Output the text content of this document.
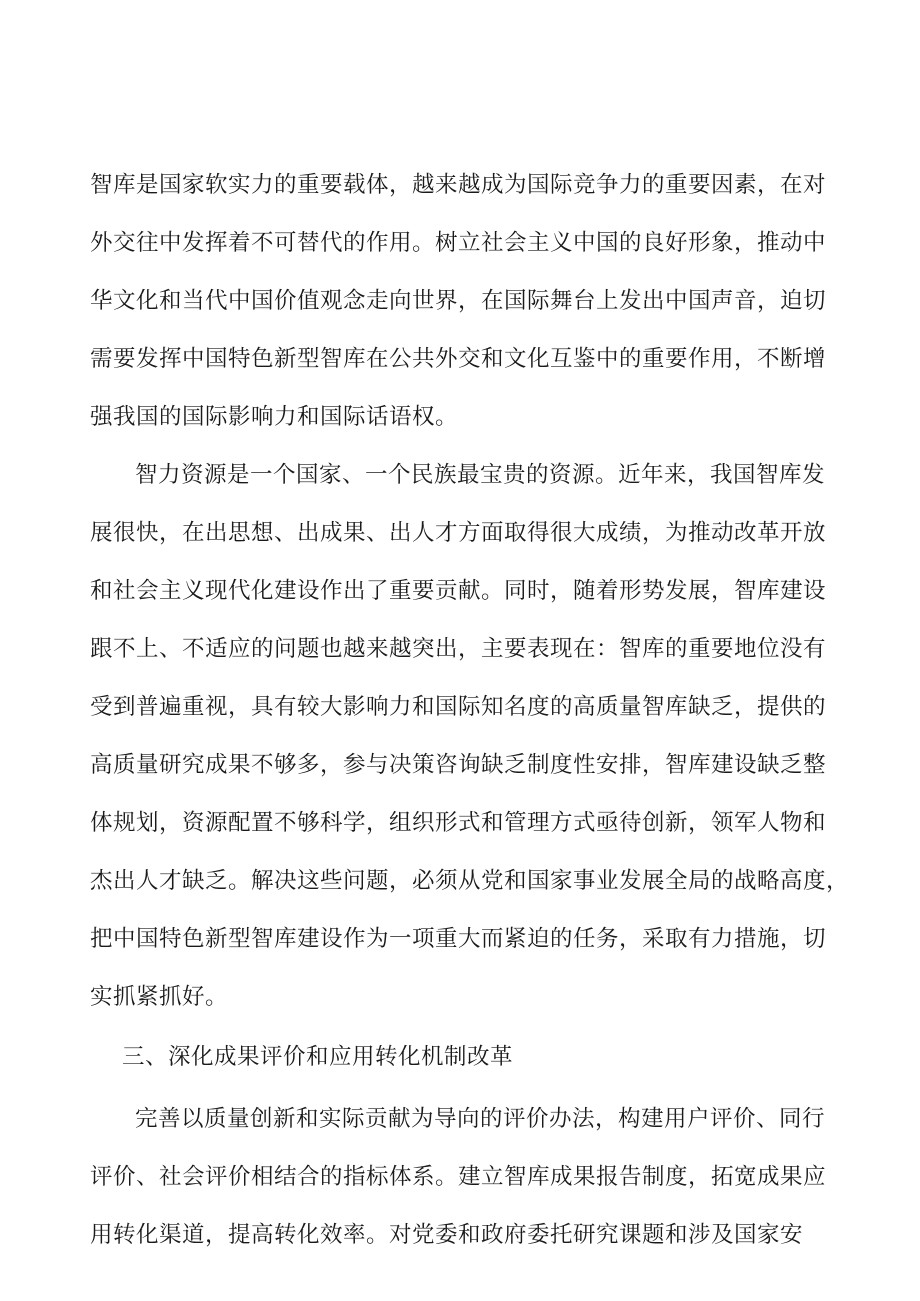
智库是国家软实力的重要载体，越来越成为国际竞争力的重要因素，在对
外交往中发挥着不可替代的作用。树立社会主义中国的良好形象，推动中
华文化和当代中国价值观念走向世界，在国际舞台上发出中国声音，迫切
需要发挥中国特色新型智库在公共外交和文化互鉴中的重要作用，不断增
强我国的国际影响力和国际话语权。
智力资源是一个国家、一个民族最宝贵的资源。近年来，我国智库发
展很快，在出思想、出成果、出人才方面取得很大成绩，为推动改革开放
和社会主义现代化建设作出了重要贡献。同时，随着形势发展，智库建设
跟不上、不适应的问题也越来越突出，主要表现在：智库的重要地位没有
受到普遍重视，具有较大影响力和国际知名度的高质量智库缺乏，提供的
高质量研究成果不够多，参与决策咨询缺乏制度性安排，智库建设缺乏整
体规划，资源配置不够科学，组织形式和管理方式亟待创新，领军人物和
杰出人才缺乏。解决这些问题，必须从党和国家事业发展全局的战略高度，
把中国特色新型智库建设作为一项重大而紧迫的任务，采取有力措施，切
实抓紧抓好。
三、深化成果评价和应用转化机制改革
完善以质量创新和实际贡献为导向的评价办法，构建用户评价、同行
评价、社会评价相结合的指标体系。建立智库成果报告制度，拓宽成果应
用转化渠道，提高转化效率。对党委和政府委托研究课题和涉及国家安
